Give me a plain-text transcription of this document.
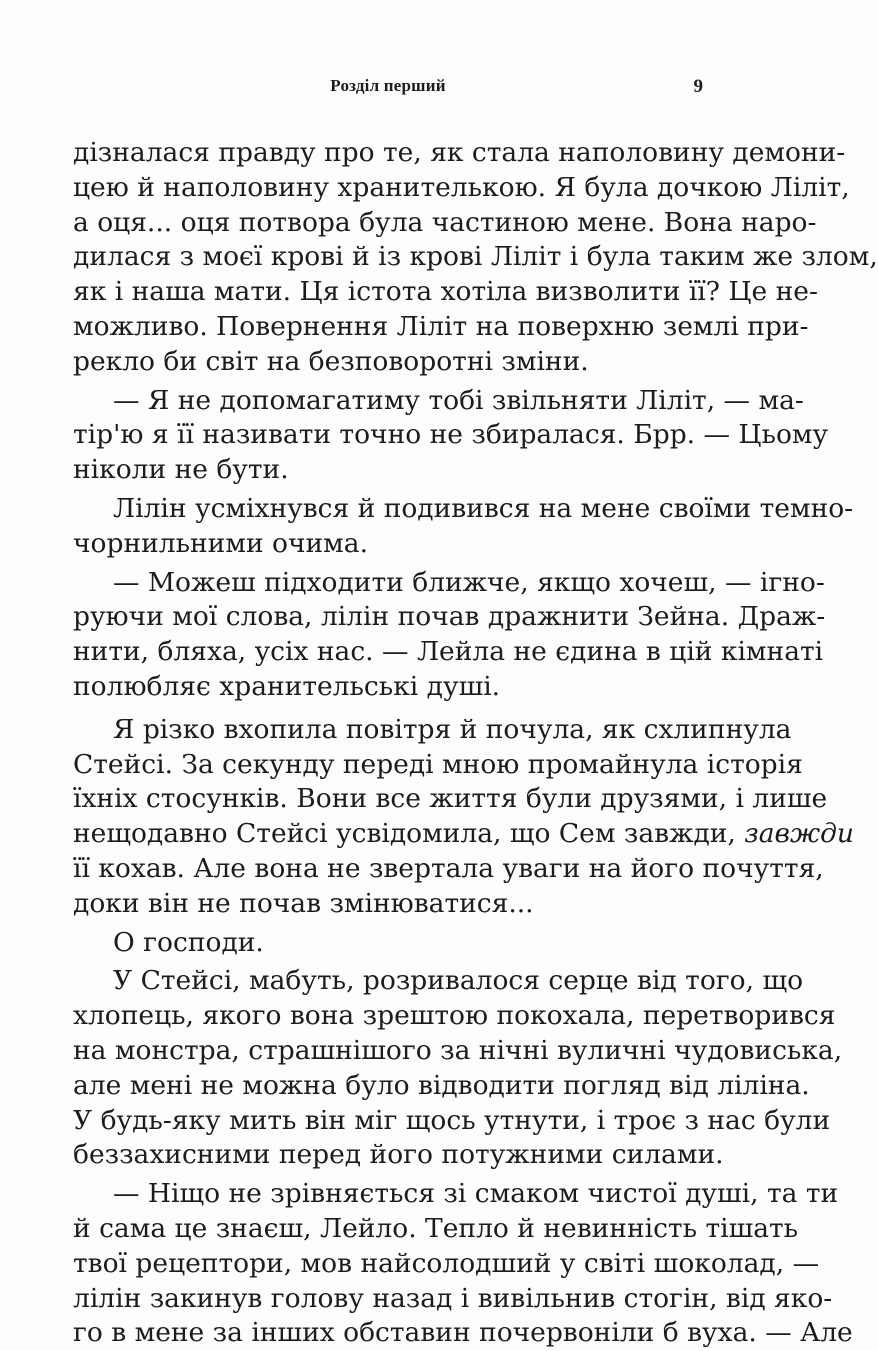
Розділ перший	9
дізналася правду про те, як стала наполовину демони-
цею й наполовину хранителькою. Я була дочкою Ліліт,
а оця... оця потвора була частиною мене. Вона наро-
дилася з моєї крові й із крові Ліліт і була таким же злом,
як і наша мати. Ця істота хотіла визволити її? Це не-
можливо. Повернення Ліліт на поверхню землі при-
рекло би світ на безповоротні зміни.
— Я не допомагатиму тобі звільняти Ліліт, — ма-
тір'ю я її називати точно не збиралася. Брр. — Цьому
ніколи не бути.
Лілін усміхнувся й подивився на мене своїми темно-
чорнильними очима.
— Можеш підходити ближче, якщо хочеш, — ігно-
руючи мої слова, лілін почав дражнити Зейна. Драж-
нити, бляха, усіх нас. — Лейла не єдина в цій кімнаті
полюбляє хранительські душі.
Я різко вхопила повітря й почула, як схлипнула
Стейсі. За секунду переді мною промайнула історія
їхніх стосунків. Вони все життя були друзями, і лише
нещодавно Стейсі усвідомила, що Сем завжди, завжди
її кохав. Але вона не звертала уваги на його почуття,
доки він не почав змінюватися...
О господи.
У Стейсі, мабуть, розривалося серце від того, що
хлопець, якого вона зрештою покохала, перетворився
на монстра, страшнішого за нічні вуличні чудовиська,
але мені не можна було відводити погляд від ліліна.
У будь-яку мить він міг щось утнути, і троє з нас були
беззахисними перед його потужними силами.
— Ніщо не зрівняється зі смаком чистої душі, та ти
й сама це знаєш, Лейло. Тепло й невинність тішать
твої рецептори, мов найсолодший у світі шоколад, —
лілін закинув голову назад і вивільнив стогін, від яко-
го в мене за інших обставин почервоніли б вуха. — Але
